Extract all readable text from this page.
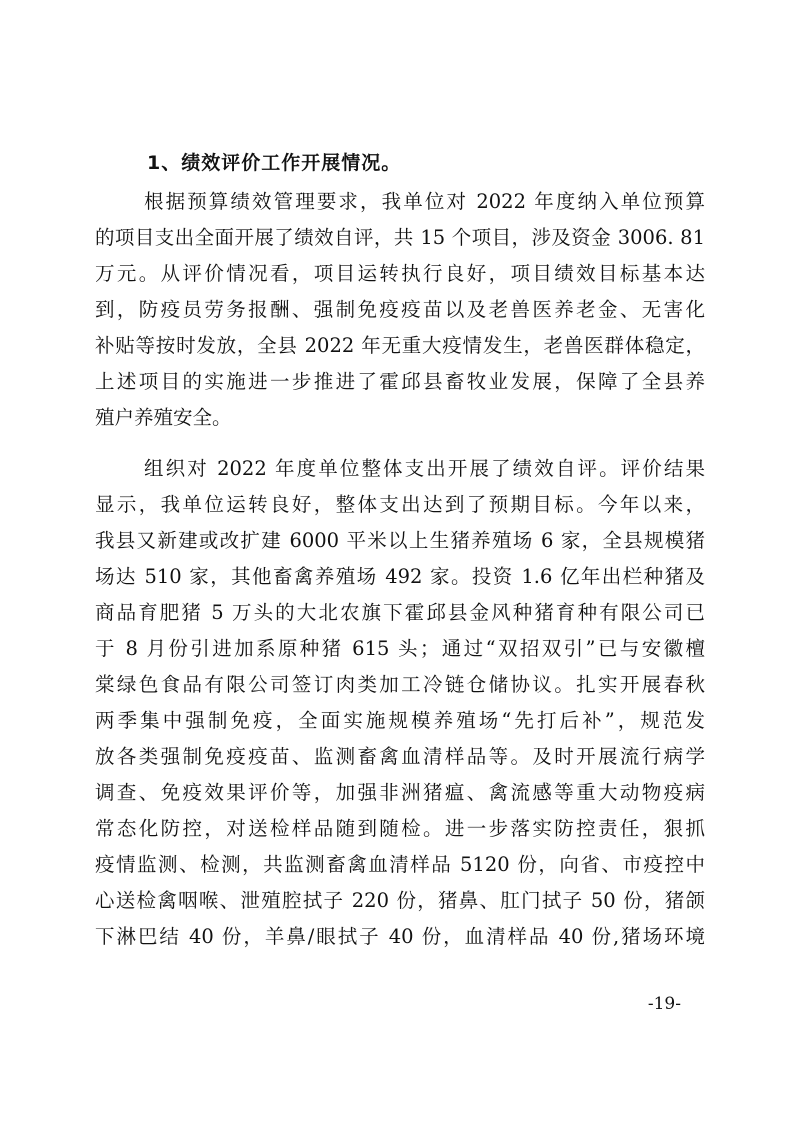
1、绩效评价工作开展情况。
根据预算绩效管理要求，我单位对 2022 年度纳入单位预算
的项目支出全面开展了绩效自评，共 15 个项目，涉及资金 3006. 81
万元。从评价情况看，项目运转执行良好，项目绩效目标基本达
到，防疫员劳务报酬、强制免疫疫苗以及老兽医养老金、无害化
补贴等按时发放，全县 2022 年无重大疫情发生，老兽医群体稳定，
上述项目的实施进一步推进了霍邱县畜牧业发展，保障了全县养
殖户养殖安全。
组织对 2022 年度单位整体支出开展了绩效自评。评价结果
显示，我单位运转良好，整体支出达到了预期目标。今年以来，
我县又新建或改扩建 6000 平米以上生猪养殖场 6 家，全县规模猪
场达 510 家，其他畜禽养殖场 492 家。投资 1.6 亿年出栏种猪及
商品育肥猪 5 万头的大北农旗下霍邱县金风种猪育种有限公司已
于 8 月份引进加系原种猪 615 头；通过“双招双引”已与安徽檀
棠绿色食品有限公司签订肉类加工冷链仓储协议。扎实开展春秋
两季集中强制免疫，全面实施规模养殖场“先打后补”，规范发
放各类强制免疫疫苗、监测畜禽血清样品等。及时开展流行病学
调查、免疫效果评价等，加强非洲猪瘟、禽流感等重大动物疫病
常态化防控，对送检样品随到随检。进一步落实防控责任，狠抓
疫情监测、检测，共监测畜禽血清样品 5120 份，向省、市疫控中
心送检禽咽喉、泄殖腔拭子 220 份，猪鼻、肛门拭子 50 份，猪颌
下淋巴结 40 份，羊鼻/眼拭子 40 份，血清样品 40 份,猪场环境
-19-
